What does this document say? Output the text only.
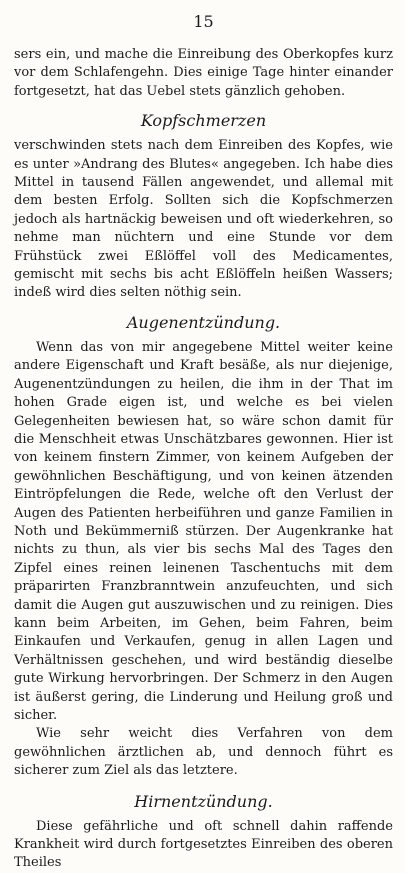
15

sers ein, und mache die Einreibung des Oberkopfes kurz vor dem Schlafengehn. Dies einige Tage hinter einander fortgesetzt, hat das Uebel stets gänzlich gehoben.

Kopfschmerzen

verschwinden stets nach dem Einreiben des Kopfes, wie es unter »Andrang des Blutes« angegeben. Ich habe dies Mittel in tausend Fällen angewendet, und allemal mit dem besten Erfolg. Sollten sich die Kopfschmerzen jedoch als hartnäckig beweisen und oft wiederkehren, so nehme man nüchtern und eine Stunde vor dem Frühstück zwei Eßlöffel voll des Medicamentes, gemischt mit sechs bis acht Eßlöffeln heißen Wassers; indeß wird dies selten nöthig sein.

Augenentzündung.

Wenn das von mir angegebene Mittel weiter keine andere Eigenschaft und Kraft besäße, als nur diejenige, Augenentzündungen zu heilen, die ihm in der That im hohen Grade eigen ist, und welche es bei vielen Gelegenheiten bewiesen hat, so wäre schon damit für die Menschheit etwas Unschätzbares gewonnen. Hier ist von keinem finstern Zimmer, von keinem Aufgeben der gewöhnlichen Beschäftigung, und von keinen ätzenden Eintröpfelungen die Rede, welche oft den Verlust der Augen des Patienten herbeiführen und ganze Familien in Noth und Bekümmerniß stürzen. Der Augenkranke hat nichts zu thun, als vier bis sechs Mal des Tages den Zipfel eines reinen leinenen Taschentuchs mit dem präparirten Franzbranntwein anzufeuchten, und sich damit die Augen gut auszuwischen und zu reinigen. Dies kann beim Arbeiten, im Gehen, beim Fahren, beim Einkaufen und Verkaufen, genug in allen Lagen und Verhältnissen geschehen, und wird beständig dieselbe gute Wirkung hervorbringen. Der Schmerz in den Augen ist äußerst gering, die Linderung und Heilung groß und sicher.

Wie sehr weicht dies Verfahren von dem gewöhnlichen ärztlichen ab, und dennoch führt es sicherer zum Ziel als das letztere.

Hirnentzündung.

Diese gefährliche und oft schnell dahin raffende Krankheit wird durch fortgesetztes Einreiben des oberen Theiles
